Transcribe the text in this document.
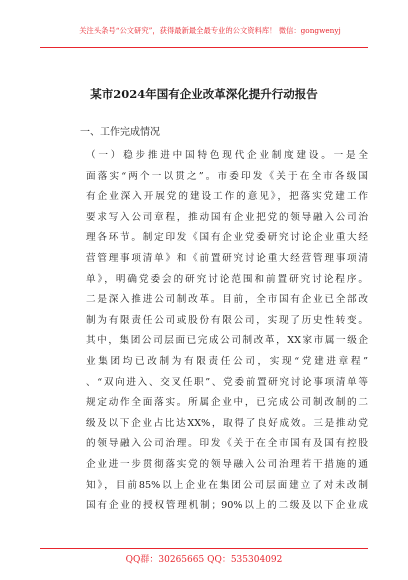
关注头条号“公文研究”，获得最新最全最专业的公文资料库！ 微信：gongwenyj
某市2024年国有企业改革深化提升行动报告
一、工作完成情况
（一）稳步推进中国特色现代企业制度建设。一是全
面落实“两个一以贯之”。市委印发《关于在全市各级国
有企业深入开展党的建设工作的意见》，把落实党建工作
要求写入公司章程，推动国有企业把党的领导融入公司治
理各环节。制定印发《国有企业党委研究讨论企业重大经
营管理事项清单》和《前置研究讨论重大经营管理事项清
单》，明确党委会的研究讨论范围和前置研究讨论程序。
二是深入推进公司制改革。目前，全市国有企业已全部改
制为有限责任公司或股份有限公司，实现了历史性转变。
其中，集团公司层面已完成公司制改革，XX家市属一级企
业集团均已改制为有限责任公司，实现“党建进章程”
、“双向进入、交叉任职”、党委前置研究讨论事项清单等
规定动作全面落实。所属企业中，已完成公司制改制的二
级及以下企业占比达XX%，取得了良好成效。三是推动党
的领导融入公司治理。印发《关于在全市国有及国有控股
企业进一步贯彻落实党的领导融入公司治理若干措施的通
知》，目前85%以上企业在集团公司层面建立了对未改制
国有企业的授权管理机制；90%以上的二级及以下企业成
QQ群：30265665 QQ：535304092
